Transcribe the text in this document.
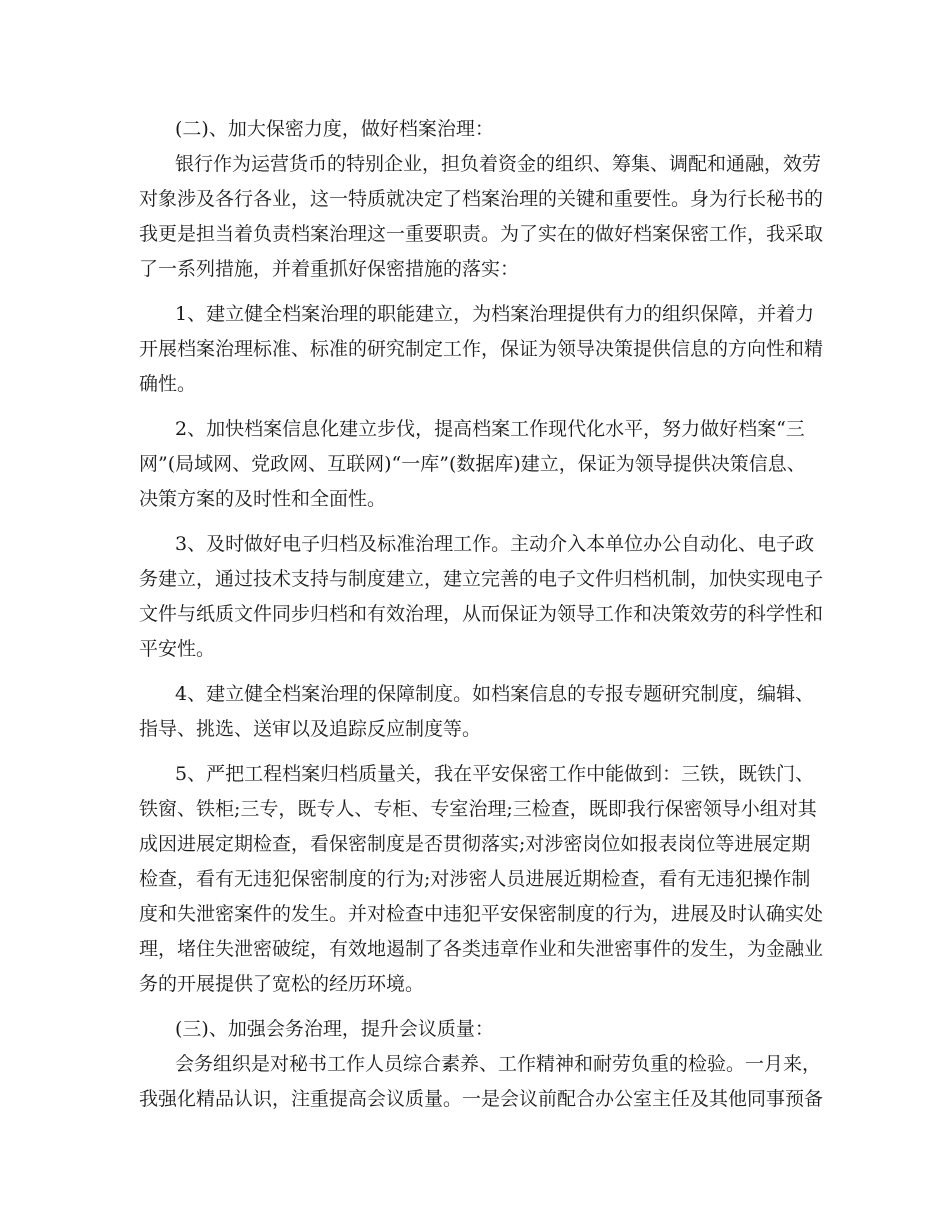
(二)、加大保密力度，做好档案治理：
银行作为运营货币的特别企业，担负着资金的组织、筹集、调配和通融，效劳
对象涉及各行各业，这一特质就决定了档案治理的关键和重要性。身为行长秘书的
我更是担当着负责档案治理这一重要职责。为了实在的做好档案保密工作，我采取
了一系列措施，并着重抓好保密措施的落实：
1、建立健全档案治理的职能建立，为档案治理提供有力的组织保障，并着力
开展档案治理标准、标准的研究制定工作，保证为领导决策提供信息的方向性和精
确性。
2、加快档案信息化建立步伐，提高档案工作现代化水平，努力做好档案“三
网”(局域网、党政网、互联网)“一库”(数据库)建立，保证为领导提供决策信息、
决策方案的及时性和全面性。
3、及时做好电子归档及标准治理工作。主动介入本单位办公自动化、电子政
务建立，通过技术支持与制度建立，建立完善的电子文件归档机制，加快实现电子
文件与纸质文件同步归档和有效治理，从而保证为领导工作和决策效劳的科学性和
平安性。
4、建立健全档案治理的保障制度。如档案信息的专报专题研究制度，编辑、
指导、挑选、送审以及追踪反应制度等。
5、严把工程档案归档质量关，我在平安保密工作中能做到：三铁，既铁门、
铁窗、铁柜;三专，既专人、专柜、专室治理;三检查，既即我行保密领导小组对其
成因进展定期检查，看保密制度是否贯彻落实;对涉密岗位如报表岗位等进展定期
检查，看有无违犯保密制度的行为;对涉密人员进展近期检查，看有无违犯操作制
度和失泄密案件的发生。并对检查中违犯平安保密制度的行为，进展及时认确实处
理，堵住失泄密破绽，有效地遏制了各类违章作业和失泄密事件的发生，为金融业
务的开展提供了宽松的经历环境。
(三)、加强会务治理，提升会议质量：
会务组织是对秘书工作人员综合素养、工作精神和耐劳负重的检验。一月来，
我强化精品认识，注重提高会议质量。一是会议前配合办公室主任及其他同事预备
